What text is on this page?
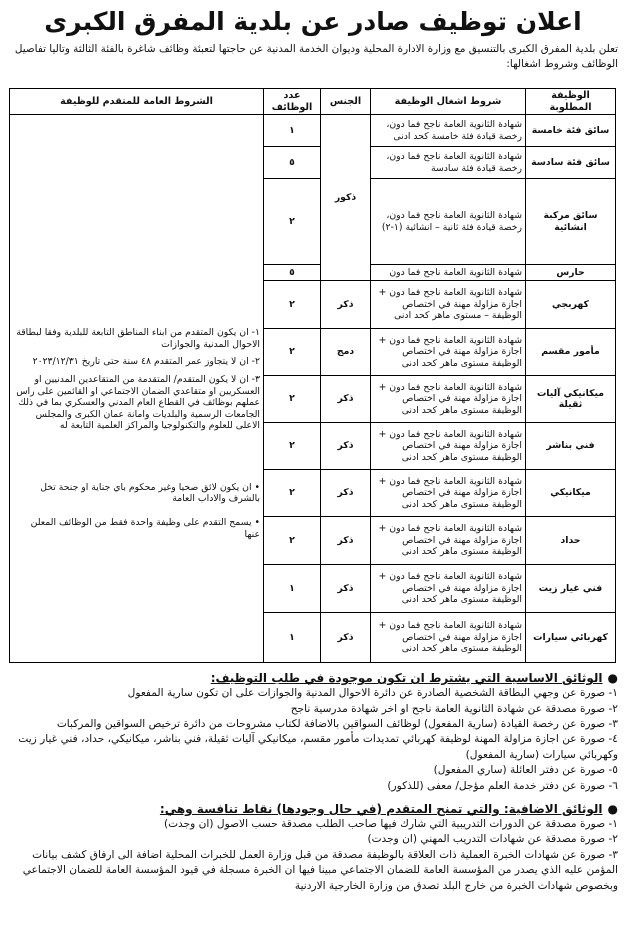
اعلان توظيف صادر عن بلدية المفرق الكبرى
تعلن بلدية المفرق الكبرى بالتنسيق مع وزارة الادارة المحلية وديوان الخدمة المدنية عن حاجتها لتعبئة وظائف شاغرة بالفئة الثالثة وتاليا تفاصيل الوظائف وشروط اشغالها:
الوظيفة المطلوبة	شروط اشغال الوظيفة	الجنس	عدد الوظائف	الشروط العامة للمتقدم للوظيفة
سائق فئة خامسة	شهادة الثانوية العامة ناجح فما دون، رخصة قيادة فئة خامسة كحد ادنى	ذكور	١	١- ان يكون المتقدم من ابناء المناطق التابعة للبلدية وفقا لبطاقة الاحوال المدنية والجوازات
٢- ان لا يتجاوز عمر المتقدم ٤٨ سنة حتى تاريخ ٢٠٢٣/١٢/٣١
٣- ان لا يكون المتقدم/ المتقدمة من المتقاعدين المدنيين او العسكريين او متقاعدي الضمان الاجتماعي او القائمين على راس عملهم بوظائف في القطاع العام المدني والعسكري بما في ذلك الجامعات الرسمية والبلديات وامانة عمان الكبرى والمجلس الاعلى للعلوم والتكنولوجيا والمراكز العلمية التابعة له
• ان يكون لائق صحيا وغير محكوم باي جناية او جنحة تخل بالشرف والاداب العامة
• يسمح التقدم على وظيفة واحدة فقط من الوظائف المعلن عنها

سائق فئة سادسة	شهادة الثانوية العامة ناجح فما دون، رخصة قيادة فئة سادسة		٥	
سائق مركبة انشائية	شهادة الثانوية العامة ناجح فما دون، رخصة قيادة فئة ثانية – انشائية (١-٢)		٢	
حارس	شهادة الثانوية العامة ناجح فما دون		٥	
كهربجي	شهادة الثانوية العامة ناجح فما دون + اجازة مزاولة مهنة في اختصاص الوظيفة – مستوى ماهر كحد ادنى	ذكر	٢	
مأمور مقسم	شهادة الثانوية العامة ناجح فما دون + اجازة مزاولة مهنة في اختصاص الوظيفة مستوى ماهر كحد ادنى	دمج	٢	
ميكانيكي آليات ثقيلة	شهادة الثانوية العامة ناجح فما دون + اجازة مزاولة مهنة في اختصاص الوظيفة مستوى ماهر كحد ادنى	ذكر	٢	
فني بناشر	شهادة الثانوية العامة ناجح فما دون + اجازة مزاولة مهنة في اختصاص الوظيفة مستوى ماهر كحد ادنى	ذكر	٢	
ميكانيكي	شهادة الثانوية العامة ناجح فما دون + اجازة مزاولة مهنة في اختصاص الوظيفة مستوى ماهر كحد ادنى	ذكر	٢	
حداد	شهادة الثانوية العامة ناجح فما دون + اجازة مزاولة مهنة في اختصاص الوظيفة مستوى ماهر كحد ادنى	ذكر	٢	
فني غيار زيت	شهادة الثانوية العامة ناجح فما دون + اجازة مزاولة مهنة في اختصاص الوظيفة مستوى ماهر كحد ادنى	ذكر	١	
كهربائي سيارات	شهادة الثانوية العامة ناجح فما دون + اجازة مزاولة مهنة في اختصاص الوظيفة مستوى ماهر كحد ادنى	ذكر	١	
●الوثائق الاساسية التي يشترط ان تكون موجودة في طلب التوظيف:

١- صورة عن وجهي البطاقة الشخصية الصادرة عن دائرة الاحوال المدنية والجوازات على ان تكون سارية المفعول

٢- صورة مصدقة عن شهادة الثانوية العامة ناجح او اخر شهادة مدرسية ناجح

٣- صورة عن رخصة القيادة (سارية المفعول) لوظائف السواقين بالاضافة لكتاب مشروحات من دائرة ترخيص السواقين والمركبات

٤- صورة عن اجازة مزاولة المهنة لوظيفة كهربائي تمديدات مأمور مقسم، ميكانيكي آليات ثقيلة، فني بناشر، ميكانيكي، حداد، فني غيار زيت وكهربائي سيارات (سارية المفعول)

٥- صورة عن دفتر العائلة (ساري المفعول)

٦- صورة عن دفتر خدمة العلم مؤجل/ معفى (للذكور)

●الوثائق الاضافية: والتي تمنح المتقدم (في حال وجودها) نقاط تنافسة وهي:

١- صورة مصدقة عن الدورات التدريبية التي شارك فيها صاحب الطلب مصدقة حسب الاصول (ان وجدت)

٢- صورة مصدقة عن شهادات التدريب المهني (ان وجدت)

٣- صورة عن شهادات الخبرة العملية ذات العلاقة بالوظيفة مصدقة من قبل وزارة العمل للخبرات المحلية اضافة الى ارفاق كشف بيانات المؤمن عليه الذي يصدر من المؤسسة العامة للضمان الاجتماعي مبينا فيها ان الخبرة مسجلة في قيود المؤسسة العامة للضمان الاجتماعي وبخصوص شهادات الخبرة من خارج البلد تصدق من وزارة الخارجية الاردنية
